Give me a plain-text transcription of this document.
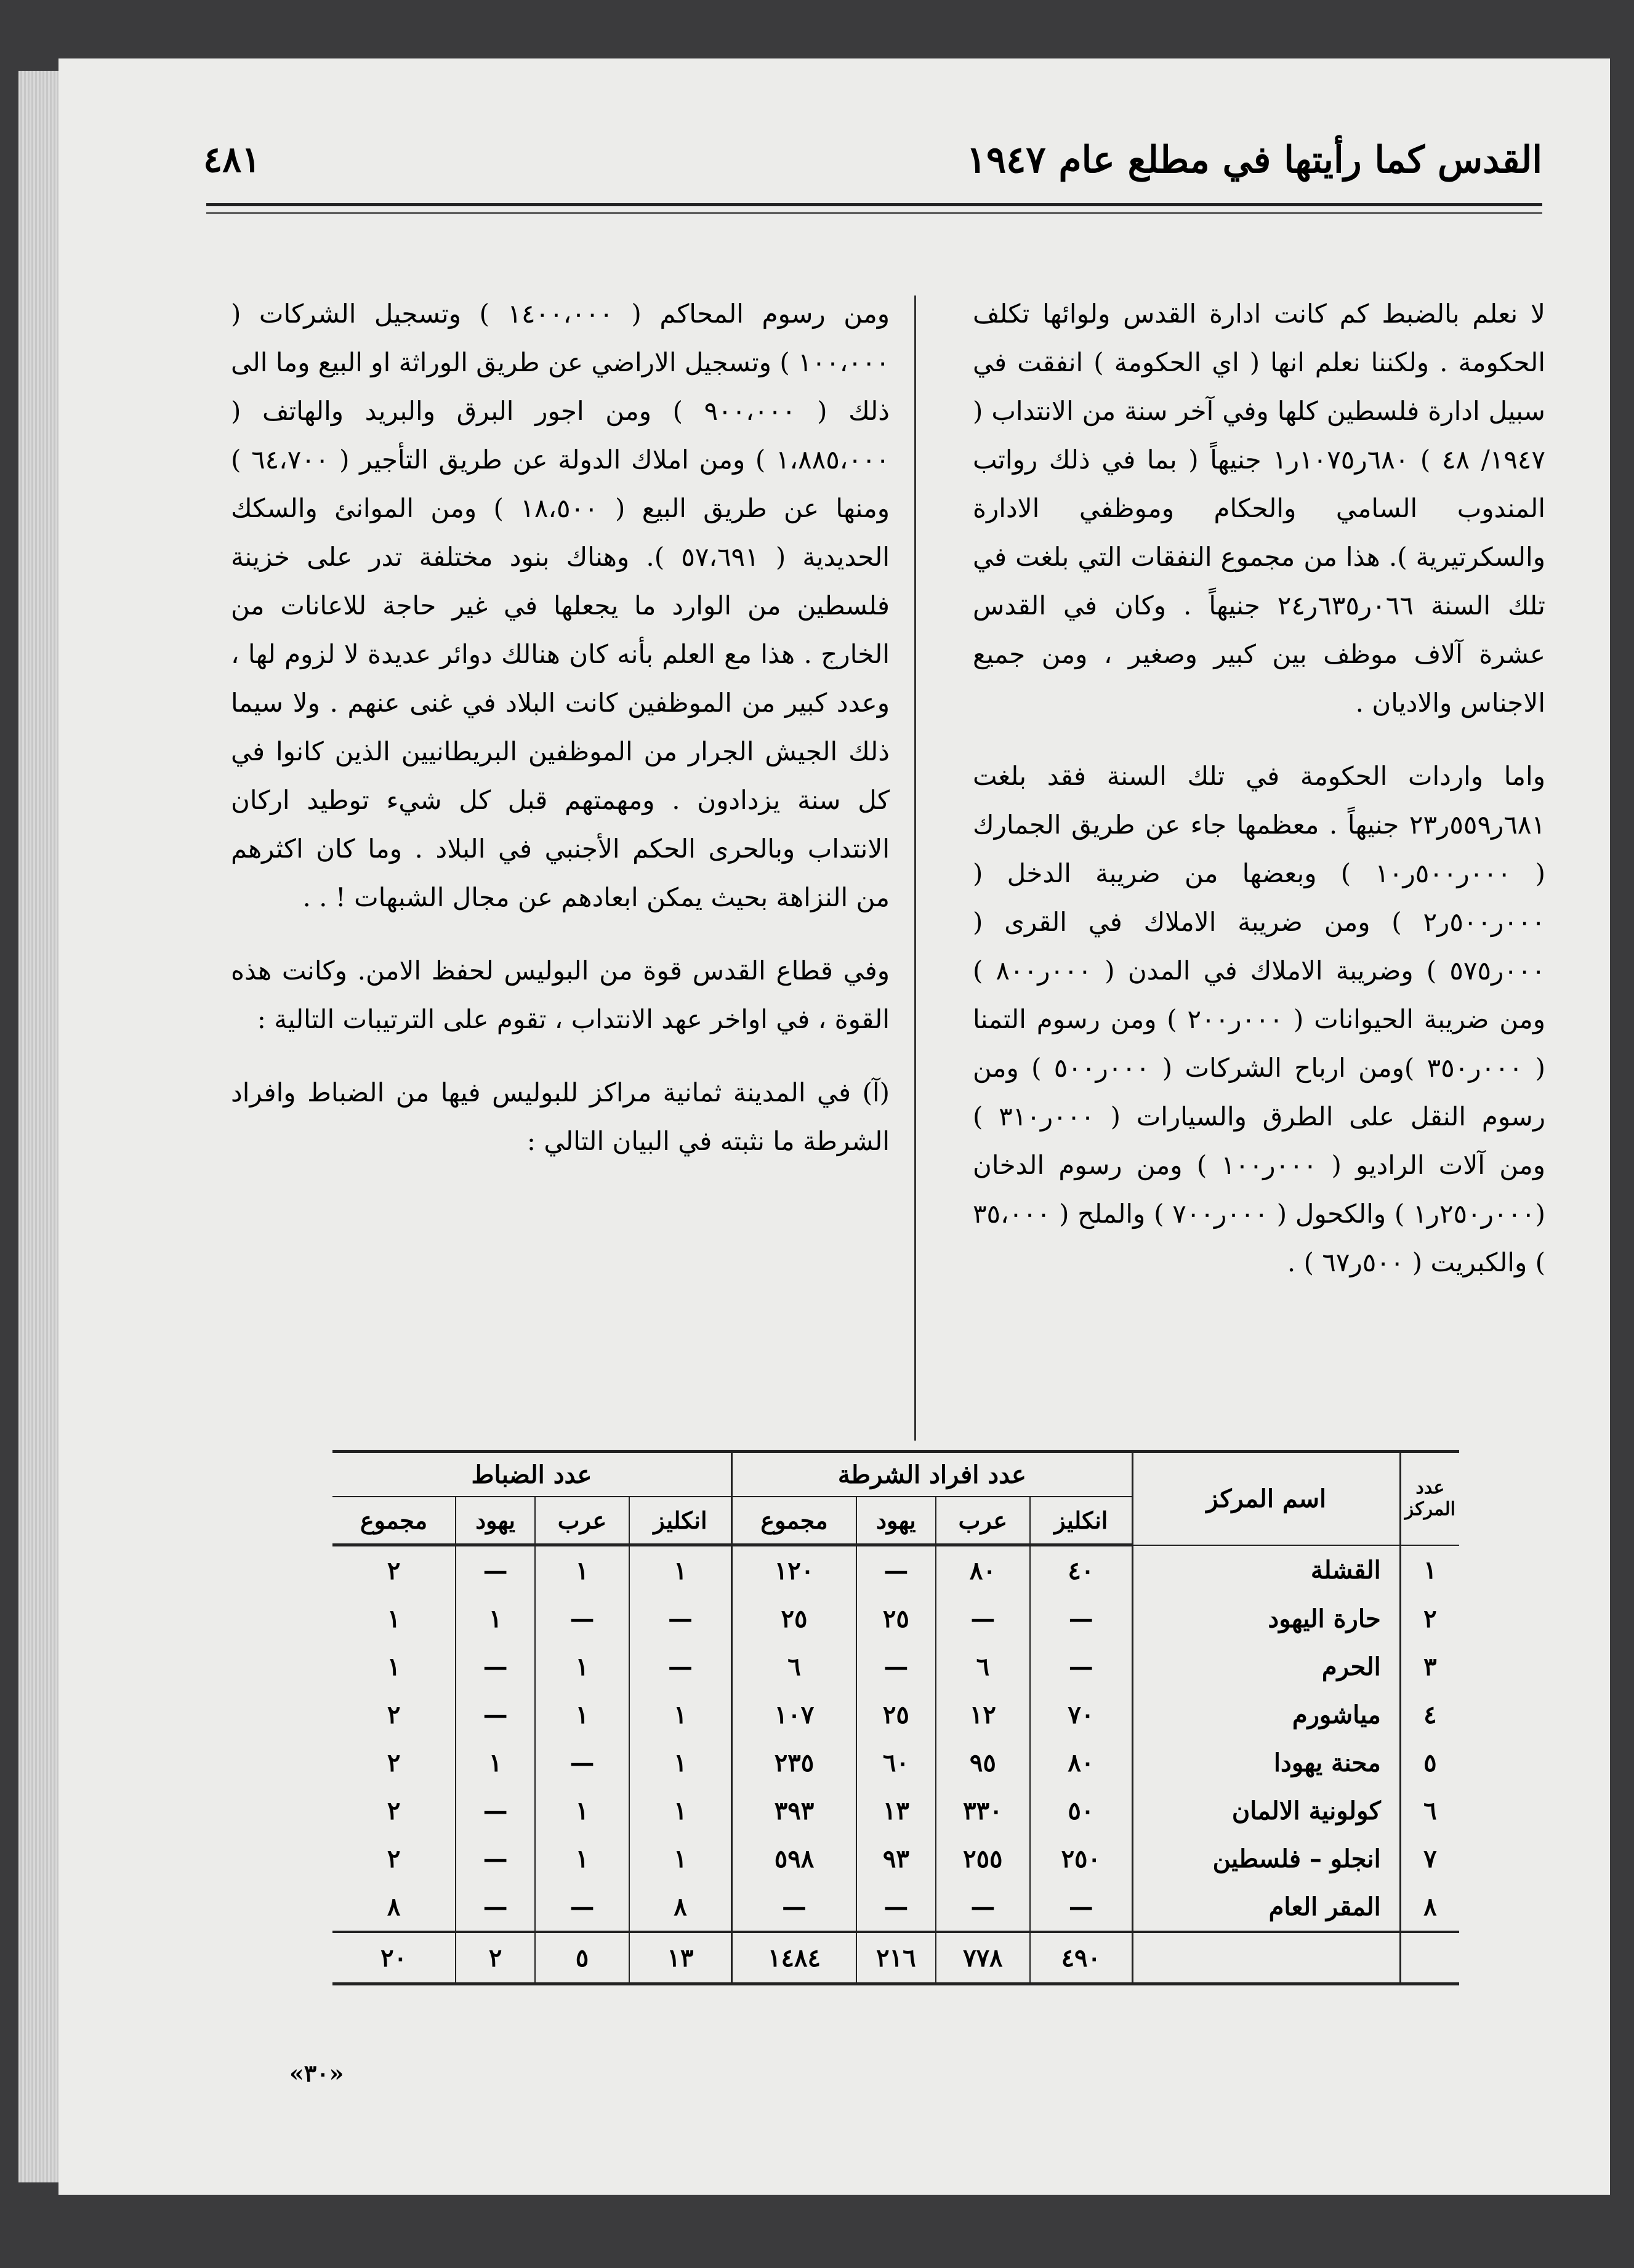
القدس كما رأيتها في مطلع عام ١٩٤٧
٤٨١

لا نعلم بالضبط كم كانت ادارة القدس ولوائها تكلف الحكومة . ولكننا نعلم انها ( اي الحكومة ) انفقت في سبيل ادارة فلسطين كلها وفي آخر سنة من الانتداب ( ١٩٤٧/ ٤٨ ) ٦٨٠ر١٠٧٥ر١ جنيهاً ( بما في ذلك رواتب المندوب السامي والحكام وموظفي الادارة والسكرتيرية ). هذا من مجموع النفقات التي بلغت في تلك السنة ٠٦٦ر٦٣٥ر٢٤ جنيهاً . وكان في القدس عشرة آلاف موظف بين كبير وصغير ، ومن جميع الاجناس والاديان .

واما واردات الحكومة في تلك السنة فقد بلغت ٦٨١ر٥٥٩ر٢٣ جنيهاً . معظمها جاء عن طريق الجمارك ( ٠٠٠ر٥٠٠ر١٠ ) وبعضها من ضريبة الدخل ( ٠٠٠ر٥٠٠ر٢ ) ومن ضريبة الاملاك في القرى ( ٠٠٠ر٥٧٥ ) وضريبة الاملاك في المدن ( ٠٠٠ر٨٠٠ ) ومن ضريبة الحيوانات ( ٠٠٠ر٢٠٠ ) ومن رسوم التمنا ( ٠٠٠ر٣٥٠ )ومن ارباح الشركات ( ٠٠٠ر٥٠٠ ) ومن رسوم النقل على الطرق والسيارات ( ٠٠٠ر٣١٠ ) ومن آلات الراديو ( ٠٠٠ر١٠٠ ) ومن رسوم الدخان (٠٠٠ر٢٥٠ر١ ) والكحول ( ٠٠٠ر٧٠٠ ) والملح ( ٣٥،٠٠٠ ) والكبريت ( ٥٠٠ر٦٧ ) .

ومن رسوم المحاكم ( ١٤٠٠،٠٠٠ ) وتسجيل الشركات ( ١٠٠،٠٠٠ ) وتسجيل الاراضي عن طريق الوراثة او البيع وما الى ذلك ( ٩٠٠،٠٠٠ ) ومن اجور البرق والبريد والهاتف ( ١،٨٨٥،٠٠٠ ) ومن املاك الدولة عن طريق التأجير ( ٦٤،٧٠٠ ) ومنها عن طريق البيع ( ١٨،٥٠٠ ) ومن الموانئ والسكك الحديدية ( ٥٧،٦٩١ ). وهناك بنود مختلفة تدر على خزينة فلسطين من الوارد ما يجعلها في غير حاجة للاعانات من الخارج . هذا مع العلم بأنه كان هنالك دوائر عديدة لا لزوم لها ، وعدد كبير من الموظفين كانت البلاد في غنى عنهم . ولا سيما ذلك الجيش الجرار من الموظفين البريطانيين الذين كانوا في كل سنة يزدادون . ومهمتهم قبل كل شيء توطيد اركان الانتداب وبالحرى الحكم الأجنبي في البلاد . وما كان اكثرهم من النزاهة بحيث يمكن ابعادهم عن مجال الشبهات ! . .

وفي قطاع القدس قوة من البوليس لحفظ الامن. وكانت هذه القوة ، في اواخر عهد الانتداب ، تقوم على الترتيبات التالية :

(آ) في المدينة ثمانية مراكز للبوليس فيها من الضباط وافراد الشرطة ما نثبته في البيان التالي :

عدد المركز	اسم المركز	عدد افراد الشرطة				عدد الضباط			
		انكليز	عرب	يهود	مجموع	انكليز	عرب	يهود	مجموع
١	القشلة	٤٠	٨٠	—	١٢٠	١	١	—	٢
٢	حارة اليهود	—	—	٢٥	٢٥	—	—	١	١
٣	الحرم	—	٦	—	٦	—	١	—	١
٤	مياشورم	٧٠	١٢	٢٥	١٠٧	١	١	—	٢
٥	محنة يهودا	٨٠	٩٥	٦٠	٢٣٥	١	—	١	٢
٦	كولونية الالمان	٥٠	٣٣٠	١٣	٣٩٣	١	١	—	٢
٧	انجلو – فلسطين	٢٥٠	٢٥٥	٩٣	٥٩٨	١	١	—	٢
٨	المقر العام	—	—	—	—	٨	—	—	٨
		٤٩٠	٧٧٨	٢١٦	١٤٨٤	١٣	٥	٢	٢٠
«٣٠»
